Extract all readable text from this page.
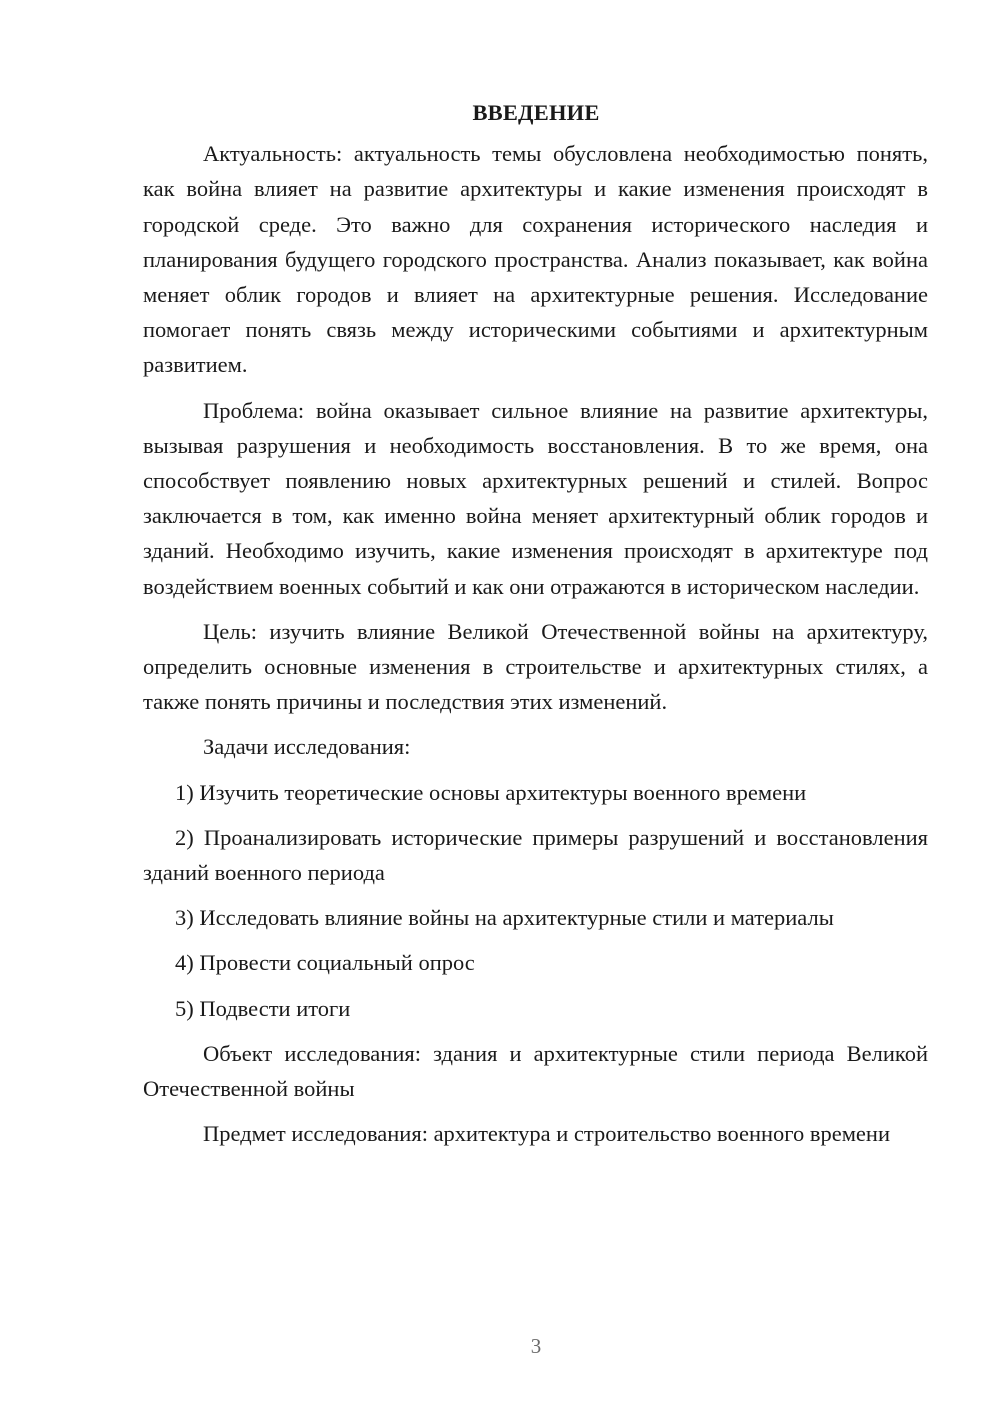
ВВЕДЕНИЕ

Актуальность: актуальность темы обусловлена необходимостью понять, как война влияет на развитие архитектуры и какие изменения происходят в городской среде. Это важно для сохранения исторического наследия и планирования будущего городского пространства. Анализ показывает, как война меняет облик городов и влияет на архитектурные решения. Исследование помогает понять связь между историческими событиями и архитектурным развитием.

Проблема: война оказывает сильное влияние на развитие архитектуры, вызывая разрушения и необходимость восстановления. В то же время, она способствует появлению новых архитектурных решений и стилей. Вопрос заключается в том, как именно война меняет архитектурный облик городов и зданий. Необходимо изучить, какие изменения происходят в архитектуре под воздействием военных событий и как они отражаются в историческом наследии.

Цель: изучить влияние Великой Отечественной войны на архитектуру, определить основные изменения в строительстве и архитектурных стилях, а также понять причины и последствия этих изменений.

Задачи исследования:

1) Изучить теоретические основы архитектуры военного времени

2) Проанализировать исторические примеры разрушений и восстановления зданий военного периода

3) Исследовать влияние войны на архитектурные стили и материалы

4) Провести социальный опрос

5) Подвести итоги

Объект исследования: здания и архитектурные стили периода Великой Отечественной войны

Предмет исследования: архитектура и строительство военного времени

3
